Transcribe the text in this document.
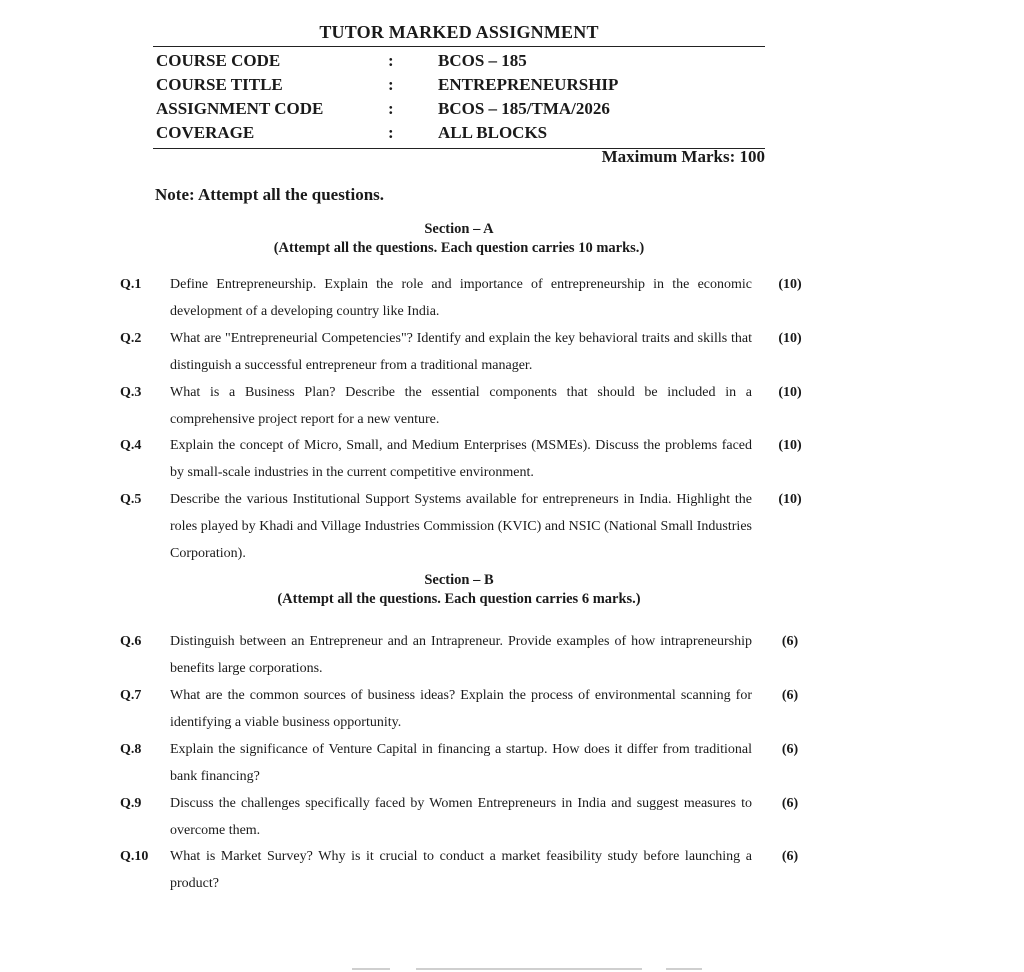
TUTOR MARKED ASSIGNMENT
COURSE CODE	:	BCOS – 185
COURSE TITLE	:	ENTREPRENEURSHIP
ASSIGNMENT CODE	:	BCOS – 185/TMA/2026
COVERAGE	:	ALL BLOCKS
Maximum Marks: 100
Note: Attempt all the questions.
Section – A
(Attempt all the questions. Each question carries 10 marks.)
Q.1 Define Entrepreneurship. Explain the role and importance of entrepreneurship in the economic development of a developing country like India.
(10)
Q.2 What are "Entrepreneurial Competencies"? Identify and explain the key behavioral traits and skills that distinguish a successful entrepreneur from a traditional manager.
(10)
Q.3 What is a Business Plan? Describe the essential components that should be included in a comprehensive project report for a new venture.
(10)
Q.4 Explain the concept of Micro, Small, and Medium Enterprises (MSMEs). Discuss the problems faced by small-scale industries in the current competitive environment.
(10)
Q.5 Describe the various Institutional Support Systems available for entrepreneurs in India. Highlight the roles played by Khadi and Village Industries Commission (KVIC) and NSIC (National Small Industries Corporation).
(10)
Section – B
(Attempt all the questions. Each question carries 6 marks.)
Q.6 Distinguish between an Entrepreneur and an Intrapreneur. Provide examples of how intrapreneurship benefits large corporations.
(6)
Q.7 What are the common sources of business ideas? Explain the process of environmental scanning for identifying a viable business opportunity.
(6)
Q.8 Explain the significance of Venture Capital in financing a startup. How does it differ from traditional bank financing?
(6)
Q.9 Discuss the challenges specifically faced by Women Entrepreneurs in India and suggest measures to overcome them.
(6)
Q.10 What is Market Survey? Why is it crucial to conduct a market feasibility study before launching a product?
(6)
